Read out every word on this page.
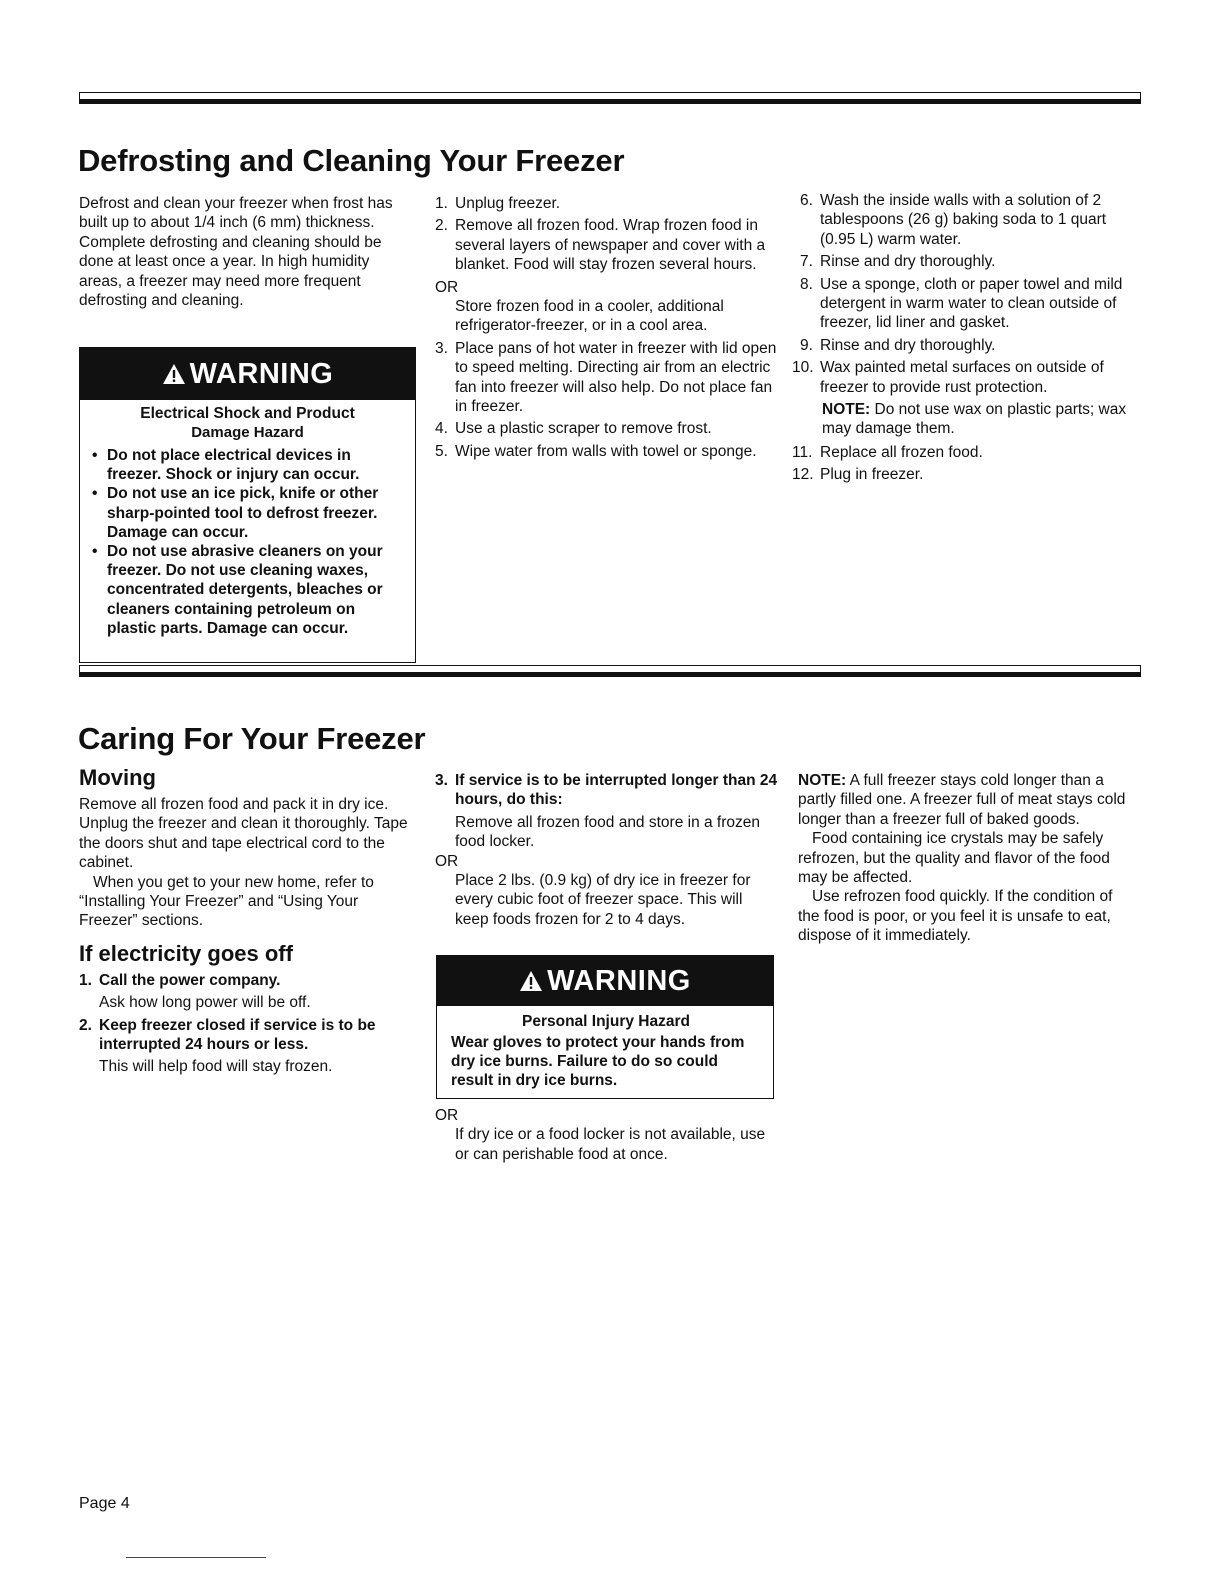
Defrosting and Cleaning Your Freezer

Defrost and clean your freezer when frost has built up to about 1/4 inch (6 mm) thickness. Complete defrosting and cleaning should be done at least once a year. In high humidity areas, a freezer may need more frequent defrosting and cleaning.

WARNING
Electrical Shock and Product
Damage Hazard
• Do not place electrical devices in freezer. Shock or injury can occur.
• Do not use an ice pick, knife or other sharp-pointed tool to defrost freezer. Damage can occur.
• Do not use abrasive cleaners on your freezer. Do not use cleaning waxes, concentrated detergents, bleaches or cleaners containing petroleum on plastic parts. Damage can occur.
1. Unplug freezer.
2. Remove all frozen food. Wrap frozen food in several layers of newspaper and cover with a blanket. Food will stay frozen several hours.

OR

Store frozen food in a cooler, additional refrigerator-freezer, or in a cool area.

3. Place pans of hot water in freezer with lid open to speed melting. Directing air from an electric fan into freezer will also help. Do not place fan in freezer.
4. Use a plastic scraper to remove frost.
5. Wipe water from walls with towel or sponge.
6. Wash the inside walls with a solution of 2 tablespoons (26 g) baking soda to 1 quart (0.95 L) warm water.
7. Rinse and dry thoroughly.
8. Use a sponge, cloth or paper towel and mild detergent in warm water to clean outside of freezer, lid liner and gasket.
9. Rinse and dry thoroughly.
10. Wax painted metal surfaces on outside of freezer to provide rust protection.

NOTE: Do not use wax on plastic parts; wax may damage them.

11. Replace all frozen food.
12. Plug in freezer.
Caring For Your Freezer
Moving

Remove all frozen food and pack it in dry ice. Unplug the freezer and clean it thoroughly. Tape the doors shut and tape electrical cord to the cabinet.

When you get to your new home, refer to “Installing Your Freezer” and “Using Your Freezer” sections.

If electricity goes off
1. Call the power company.

Ask how long power will be off.

2. Keep freezer closed if service is to be interrupted 24 hours or less.

This will help food will stay frozen.

3. If service is to be interrupted longer than 24 hours, do this:

Remove all frozen food and store in a frozen food locker.

OR

Place 2 lbs. (0.9 kg) of dry ice in freezer for every cubic foot of freezer space. This will keep foods frozen for 2 to 4 days.

WARNING
Personal Injury Hazard

Wear gloves to protect your hands from dry ice burns. Failure to do so could result in dry ice burns.

OR

If dry ice or a food locker is not available, use or can perishable food at once.

NOTE: A full freezer stays cold longer than a partly filled one. A freezer full of meat stays cold longer than a freezer full of baked goods.

Food containing ice crystals may be safely refrozen, but the quality and flavor of the food may be affected.

Use refrozen food quickly. If the condition of the food is poor, or you feel it is unsafe to eat, dispose of it immediately.

Page 4
